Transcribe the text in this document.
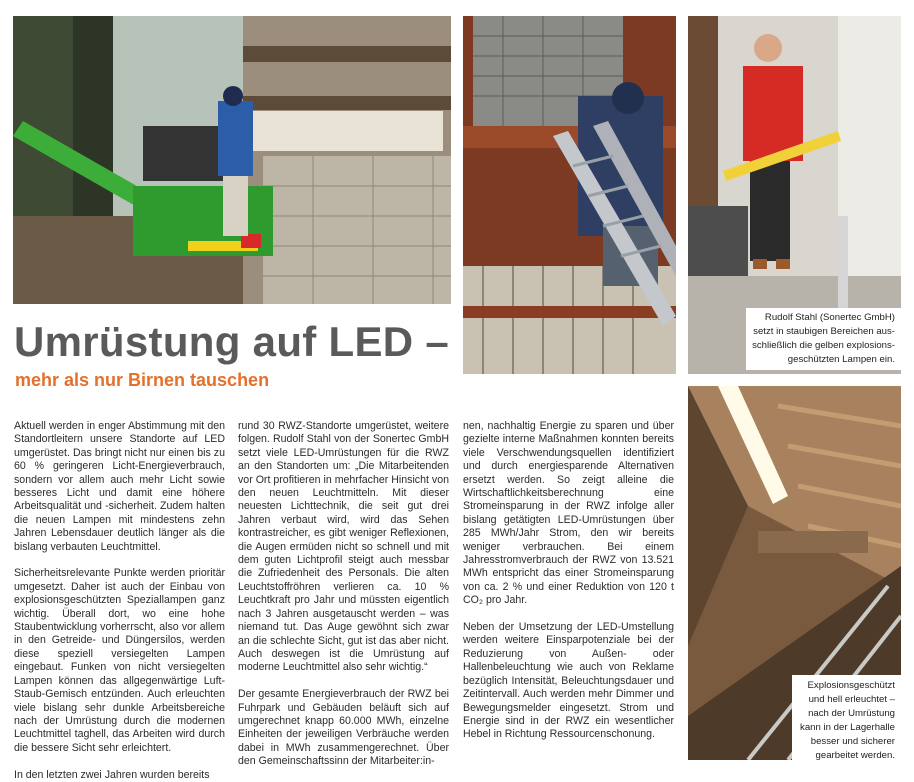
Rudolf Stahl (Sonertec GmbH)
setzt in staubigen Bereichen aus-
schließlich die gelben explosions-
geschützten Lampen ein.
Explosionsgeschützt
und hell erleuchtet –
nach der Umrüstung
kann in der Lagerhalle
besser und sicherer
gearbeitet werden.
Umrüstung auf LED –
mehr als nur Birnen tauschen

Aktuell werden in enger Abstimmung mit den Standortleitern unsere Standorte auf LED umgerüstet. Das bringt nicht nur einen bis zu 60 % geringeren Licht-Energieverbrauch, sondern vor allem auch mehr Licht sowie besseres Licht und damit eine höhere Arbeitsqualität und -sicherheit. Zudem halten die neuen Lampen mit mindestens zehn Jahren Lebensdauer deutlich länger als die bislang verbauten Leuchtmittel.

Sicherheitsrelevante Punkte werden prioritär umgesetzt. Daher ist auch der Einbau von explosionsgeschützten Speziallampen ganz wichtig. Überall dort, wo eine hohe Staubentwicklung vorherrscht, also vor allem in den Getreide- und Düngersilos, werden diese speziell versiegelten Lampen eingebaut. Funken von nicht versiegelten Lampen können das allgegenwärtige Luft-Staub-Gemisch entzünden. Auch erleuchten viele bislang sehr dunkle Arbeitsbereiche nach der Umrüstung durch die modernen Leuchtmittel taghell, das Arbeiten wird durch die bessere Sicht sehr erleichtert.

In den letzten zwei Jahren wurden bereits

rund 30 RWZ-Standorte umgerüstet, weitere folgen. Rudolf Stahl von der Sonertec GmbH setzt viele LED-Umrüstungen für die RWZ an den Standorten um: „Die Mitarbeitenden vor Ort profitieren in mehrfacher Hinsicht von den neuen Leuchtmitteln. Mit dieser neuesten Lichttechnik, die seit gut drei Jahren verbaut wird, wird das Sehen kontrastreicher, es gibt weniger Reflexionen, die Augen ermüden nicht so schnell und mit dem guten Lichtprofil steigt auch messbar die Zufriedenheit des Personals. Die alten Leuchtstoffröhren verlieren ca. 10 % Leuchtkraft pro Jahr und müssten eigentlich nach 3 Jahren ausgetauscht werden – was niemand tut. Das Auge gewöhnt sich zwar an die schlechte Sicht, gut ist das aber nicht. Auch deswegen ist die Umrüstung auf moderne Leuchtmittel also sehr wichtig.“

Der gesamte Energieverbrauch der RWZ bei Fuhrpark und Gebäuden beläuft sich auf umgerechnet knapp 60.000 MWh, einzelne Einheiten der jeweiligen Verbräuche werden dabei in MWh zusammengerechnet. Über den Gemeinschaftssinn der Mitarbeiter:in-

nen, nachhaltig Energie zu sparen und über gezielte interne Maßnahmen konnten bereits viele Verschwendungsquellen identifiziert und durch energiesparende Alternativen ersetzt werden. So zeigt alleine die Wirtschaftlichkeitsberechnung eine Stromeinsparung in der RWZ infolge aller bislang getätigten LED-Umrüstungen über 285 MWh/Jahr Strom, den wir bereits weniger verbrauchen. Bei einem Jahresstromverbrauch der RWZ von 13.521 MWh entspricht das einer Stromeinsparung von ca. 2 % und einer Reduktion von 120 t CO₂ pro Jahr.

Neben der Umsetzung der LED-Umstellung werden weitere Einsparpotenziale bei der Reduzierung von Außen- oder Hallenbeleuchtung wie auch von Reklame bezüglich Intensität, Beleuchtungsdauer und Zeitintervall. Auch werden mehr Dimmer und Bewegungsmelder eingesetzt. Strom und Energie sind in der RWZ ein wesentlicher Hebel in Richtung Ressourcenschonung.
